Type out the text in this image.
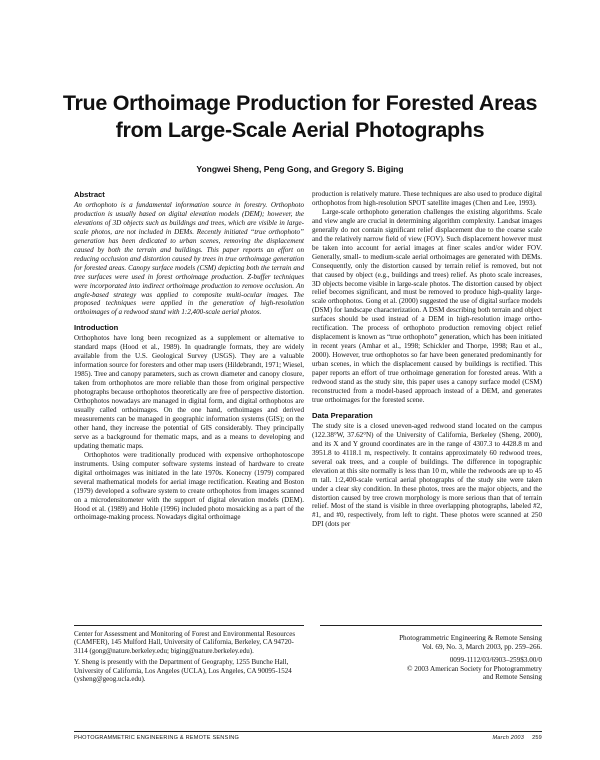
True Orthoimage Production for Forested Areas
from Large-Scale Aerial Photographs
Yongwei Sheng, Peng Gong, and Gregory S. Biging
Abstract

An orthophoto is a fundamental information source in forestry. Orthophoto production is usually based on digital elevation models (DEM); however, the elevations of 3D objects such as buildings and trees, which are visible in large-scale photos, are not included in DEMs. Recently initiated “true orthophoto” generation has been dedicated to urban scenes, removing the displacement caused by both the terrain and buildings. This paper reports an effort on reducing occlusion and distortion caused by trees in true orthoimage generation for forested areas. Canopy surface models (CSM) depicting both the terrain and tree surfaces were used in forest orthoimage production. Z-buffer techniques were incorporated into indirect orthoimage production to remove occlusion. An angle-based strategy was applied to composite multi-ocular images. The proposed techniques were applied in the generation of high-resolution orthoimages of a redwood stand with 1:2,400-scale aerial photos.

Introduction

Orthophotos have long been recognized as a supplement or alternative to standard maps (Hood et al., 1989). In quadrangle formats, they are widely available from the U.S. Geological Survey (USGS). They are a valuable information source for foresters and other map users (Hildebrandt, 1971; Wiesel, 1985). Tree and canopy parameters, such as crown diameter and canopy closure, taken from orthophotos are more reliable than those from original perspective photographs because orthophotos theoretically are free of perspective distortion. Orthophotos nowadays are managed in digital form, and digital orthophotos are usually called orthoimages. On the one hand, orthoimages and derived measurements can be managed in geographic information systems (GIS); on the other hand, they increase the potential of GIS considerably. They principally serve as a background for thematic maps, and as a means to developing and updating thematic maps.

Orthophotos were traditionally produced with expensive orthophotoscope instruments. Using computer software systems instead of hardware to create digital orthoimages was initiated in the late 1970s. Konecny (1979) compared several mathematical models for aerial image rectification. Keating and Boston (1979) developed a software system to create orthophotos from images scanned on a microdensitometer with the support of digital elevation models (DEM). Hood et al. (1989) and Hohle (1996) included photo mosaicking as a part of the orthoimage-making process. Nowadays digital orthoimage

production is relatively mature. These techniques are also used to produce digital orthophotos from high-resolution SPOT satellite images (Chen and Lee, 1993).

Large-scale orthophoto generation challenges the existing algorithms. Scale and view angle are crucial in determining algorithm complexity. Landsat images generally do not contain significant relief displacement due to the coarse scale and the relatively narrow field of view (FOV). Such displacement however must be taken into account for aerial images at finer scales and/or wider FOV. Generally, small- to medium-scale aerial orthoimages are generated with DEMs. Consequently, only the distortion caused by terrain relief is removed, but not that caused by object (e.g., buildings and trees) relief. As photo scale increases, 3D objects become visible in large-scale photos. The distortion caused by object relief becomes significant, and must be removed to produce high-quality large-scale orthophotos. Gong et al. (2000) suggested the use of digital surface models (DSM) for landscape characterization. A DSM describing both terrain and object surfaces should be used instead of a DEM in high-resolution image ortho-rectification. The process of orthophoto production removing object relief displacement is known as “true orthophoto” generation, which has been initiated in recent years (Amhar et al., 1998; Schickler and Thorpe, 1998; Rau et al., 2000). However, true orthophotos so far have been generated predominantly for urban scenes, in which the displacement caused by buildings is rectified. This paper reports an effort of true orthoimage generation for forested areas. With a redwood stand as the study site, this paper uses a canopy surface model (CSM) reconstructed from a model-based approach instead of a DEM, and generates true orthoimages for the forested scene.

Data Preparation

The study site is a closed uneven-aged redwood stand located on the campus (122.38°W, 37.62°N) of the University of California, Berkeley (Sheng, 2000), and its X and Y ground coordinates are in the range of 4307.3 to 4428.8 m and 3951.8 to 4118.1 m, respectively. It contains approximately 60 redwood trees, several oak trees, and a couple of buildings. The difference in topographic elevation at this site normally is less than 10 m, while the redwoods are up to 45 m tall. 1:2,400-scale vertical aerial photographs of the study site were taken under a clear sky condition. In these photos, trees are the major objects, and the distortion caused by tree crown morphology is more serious than that of terrain relief. Most of the stand is visible in three overlapping photographs, labeled #2, #1, and #0, respectively, from left to right. These photos were scanned at 250 DPI (dots per

Center for Assessment and Monitoring of Forest and Environmental Resources (CAMFER), 145 Mulford Hall, University of California, Berkeley, CA 94720-3114 (gong@nature.berkeley.edu; biging@nature.berkeley.edu).

Y. Sheng is presently with the Department of Geography, 1255 Bunche Hall, University of California, Los Angeles (UCLA), Los Angeles, CA 90095-1524 (ysheng@geog.ucla.edu).

Photogrammetric Engineering & Remote Sensing
Vol. 69, No. 3, March 2003, pp. 259–266.
0099-1112/03/6903–259$3.00/0
© 2003 American Society for Photogrammetry
and Remote Sensing
PHOTOGRAMMETRIC ENGINEERING & REMOTE SENSING	March 2003 259
